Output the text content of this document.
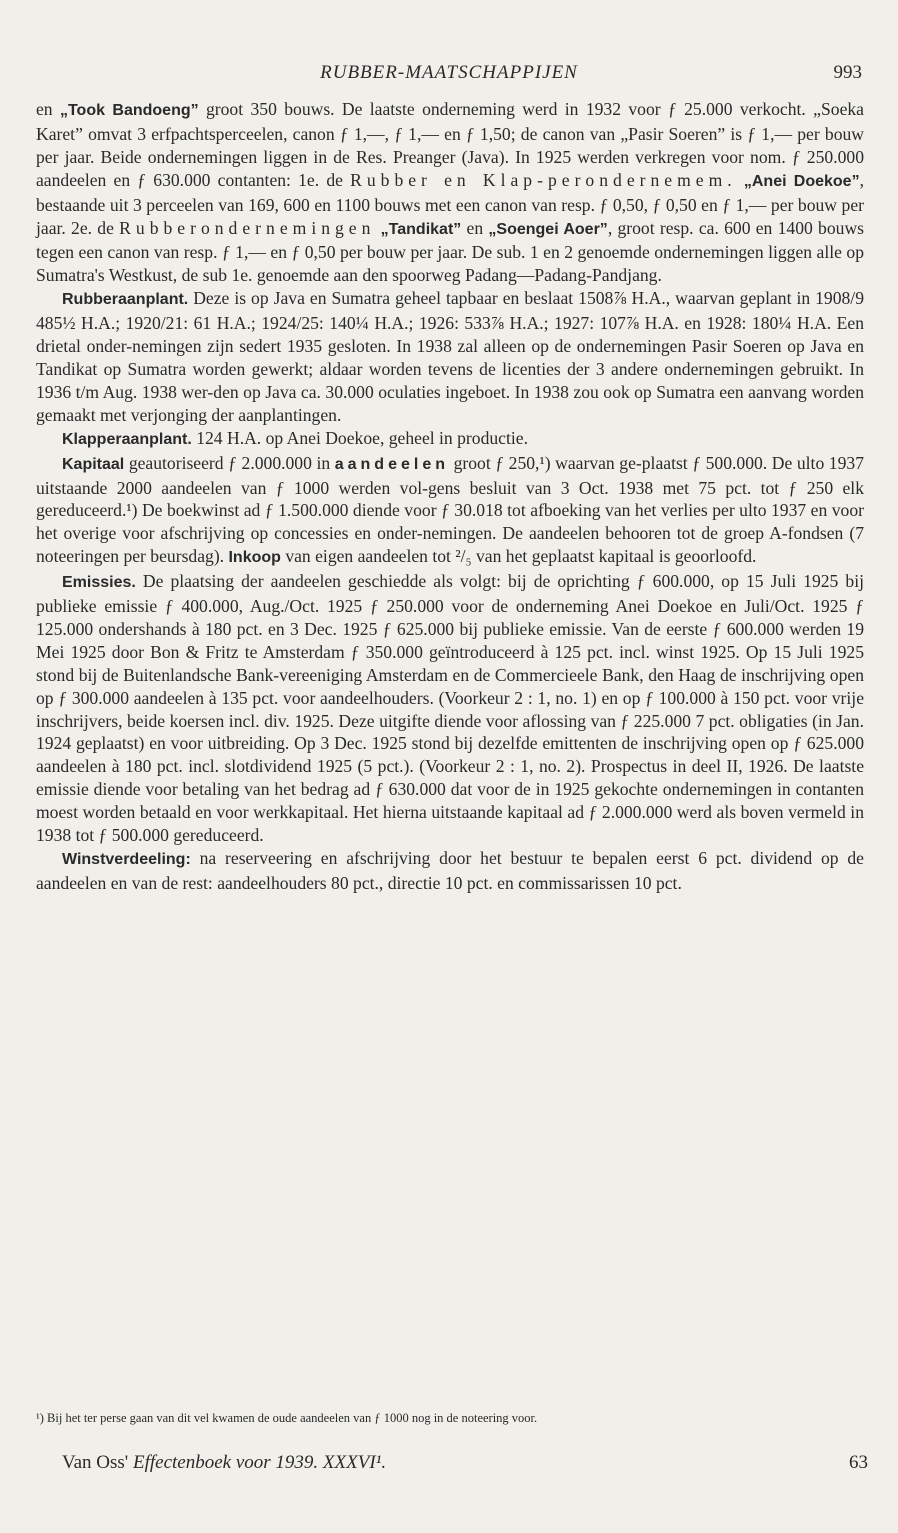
RUBBER-MAATSCHAPPIJEN	993

en „Took Bandoeng” groot 350 bouws. De laatste onderneming werd in 1932 voor ƒ 25.000 verkocht. „Soeka Karet” omvat 3 erfpachtsperceelen, canon ƒ 1,—, ƒ 1,— en ƒ 1,50; de canon van „Pasir Soeren” is ƒ 1,— per bouw per jaar. Beide ondernemingen liggen in de Res. Preanger (Java). In 1925 werden verkregen voor nom. ƒ 250.000 aandeelen en ƒ 630.000 contanten: 1e. de Rubber en Klap-perondernemem. „Anei Doekoe”, bestaande uit 3 perceelen van 169, 600 en 1100 bouws met een canon van resp. ƒ 0,50, ƒ 0,50 en ƒ 1,— per bouw per jaar. 2e. de Rubberondernemingen „Tandikat” en „Soengei Aoer”, groot resp. ca. 600 en 1400 bouws tegen een canon van resp. ƒ 1,— en ƒ 0,50 per bouw per jaar. De sub. 1 en 2 genoemde ondernemingen liggen alle op Sumatra's Westkust, de sub 1e. genoemde aan den spoorweg Padang—Padang-Pandjang.

Rubberaanplant. Deze is op Java en Sumatra geheel tapbaar en beslaat 1508⅞ H.A., waarvan geplant in 1908/9 485½ H.A.; 1920/21: 61 H.A.; 1924/25: 140¼ H.A.; 1926: 533⅞ H.A.; 1927: 107⅞ H.A. en 1928: 180¼ H.A. Een drietal onder-nemingen zijn sedert 1935 gesloten. In 1938 zal alleen op de ondernemingen Pasir Soeren op Java en Tandikat op Sumatra worden gewerkt; aldaar worden tevens de licenties der 3 andere ondernemingen gebruikt. In 1936 t/m Aug. 1938 wer-den op Java ca. 30.000 oculaties ingeboet. In 1938 zou ook op Sumatra een aanvang worden gemaakt met verjonging der aanplantingen.

Klapperaanplant. 124 H.A. op Anei Doekoe, geheel in productie.

Kapitaal geautoriseerd ƒ 2.000.000 in aandeelen groot ƒ 250,¹) waarvan ge-plaatst ƒ 500.000. De ulto 1937 uitstaande 2000 aandeelen van ƒ 1000 werden vol-gens besluit van 3 Oct. 1938 met 75 pct. tot ƒ 250 elk gereduceerd.¹) De boekwinst ad ƒ 1.500.000 diende voor ƒ 30.018 tot afboeking van het verlies per ulto 1937 en voor het overige voor afschrijving op concessies en onder-nemingen. De aandeelen behooren tot de groep A-fondsen (7 noteeringen per beursdag). Inkoop van eigen aandeelen tot ²/₅ van het geplaatst kapitaal is geoorloofd.

Emissies. De plaatsing der aandeelen geschiedde als volgt: bij de oprichting ƒ 600.000, op 15 Juli 1925 bij publieke emissie ƒ 400.000, Aug./Oct. 1925 ƒ 250.000 voor de onderneming Anei Doekoe en Juli/Oct. 1925 ƒ 125.000 ondershands à 180 pct. en 3 Dec. 1925 ƒ 625.000 bij publieke emissie. Van de eerste ƒ 600.000 werden 19 Mei 1925 door Bon & Fritz te Amsterdam ƒ 350.000 geïntroduceerd à 125 pct. incl. winst 1925. Op 15 Juli 1925 stond bij de Buitenlandsche Bank-vereeniging Amsterdam en de Commercieele Bank, den Haag de inschrijving open op ƒ 300.000 aandeelen à 135 pct. voor aandeelhouders. (Voorkeur 2 : 1, no. 1) en op ƒ 100.000 à 150 pct. voor vrije inschrijvers, beide koersen incl. div. 1925. Deze uitgifte diende voor aflossing van ƒ 225.000 7 pct. obligaties (in Jan. 1924 geplaatst) en voor uitbreiding. Op 3 Dec. 1925 stond bij dezelfde emittenten de inschrijving open op ƒ 625.000 aandeelen à 180 pct. incl. slotdividend 1925 (5 pct.). (Voorkeur 2 : 1, no. 2). Prospectus in deel II, 1926. De laatste emissie diende voor betaling van het bedrag ad ƒ 630.000 dat voor de in 1925 gekochte ondernemingen in contanten moest worden betaald en voor werkkapitaal. Het hierna uitstaande kapitaal ad ƒ 2.000.000 werd als boven vermeld in 1938 tot ƒ 500.000 gereduceerd.

Winstverdeeling: na reserveering en afschrijving door het bestuur te bepalen eerst 6 pct. dividend op de aandeelen en van de rest: aandeelhouders 80 pct., directie 10 pct. en commissarissen 10 pct.

¹) Bij het ter perse gaan van dit vel kwamen de oude aandeelen van ƒ 1000 nog in de noteering voor.
Van Oss' Effectenboek voor 1939. XXXVI¹.	63
